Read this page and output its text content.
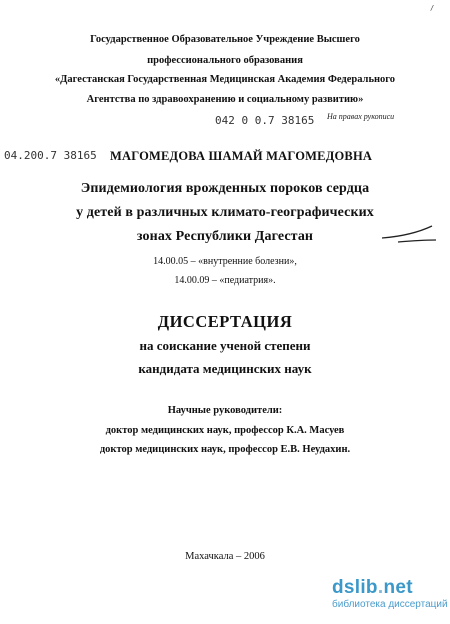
/
Государственное Образовательное Учреждение Высшего
профессионального образования
«Дагестанская Государственная Медицинская Академия Федерального
Агентства по здравоохранению и социальному развитию»
042 0 0.7 38165 На правах рукописи
04.200.7 38165 МАГОМЕДОВА ШАМАЙ МАГОМЕДОВНА
Эпидемиология врожденных пороков сердца
у детей в различных климато-географических
зонах Республики Дагестан
14.00.05 – «внутренние болезни»,
14.00.09 – «педиатрия».
ДИССЕРТАЦИЯ
на соискание ученой степени
кандидата медицинских наук
Научные руководители:
доктор медицинских наук, профессор К.А. Масуев
доктор медицинских наук, профессор Е.В. Неудахин.
Махачкала – 2006
dslib.net
библиотека диссертаций
